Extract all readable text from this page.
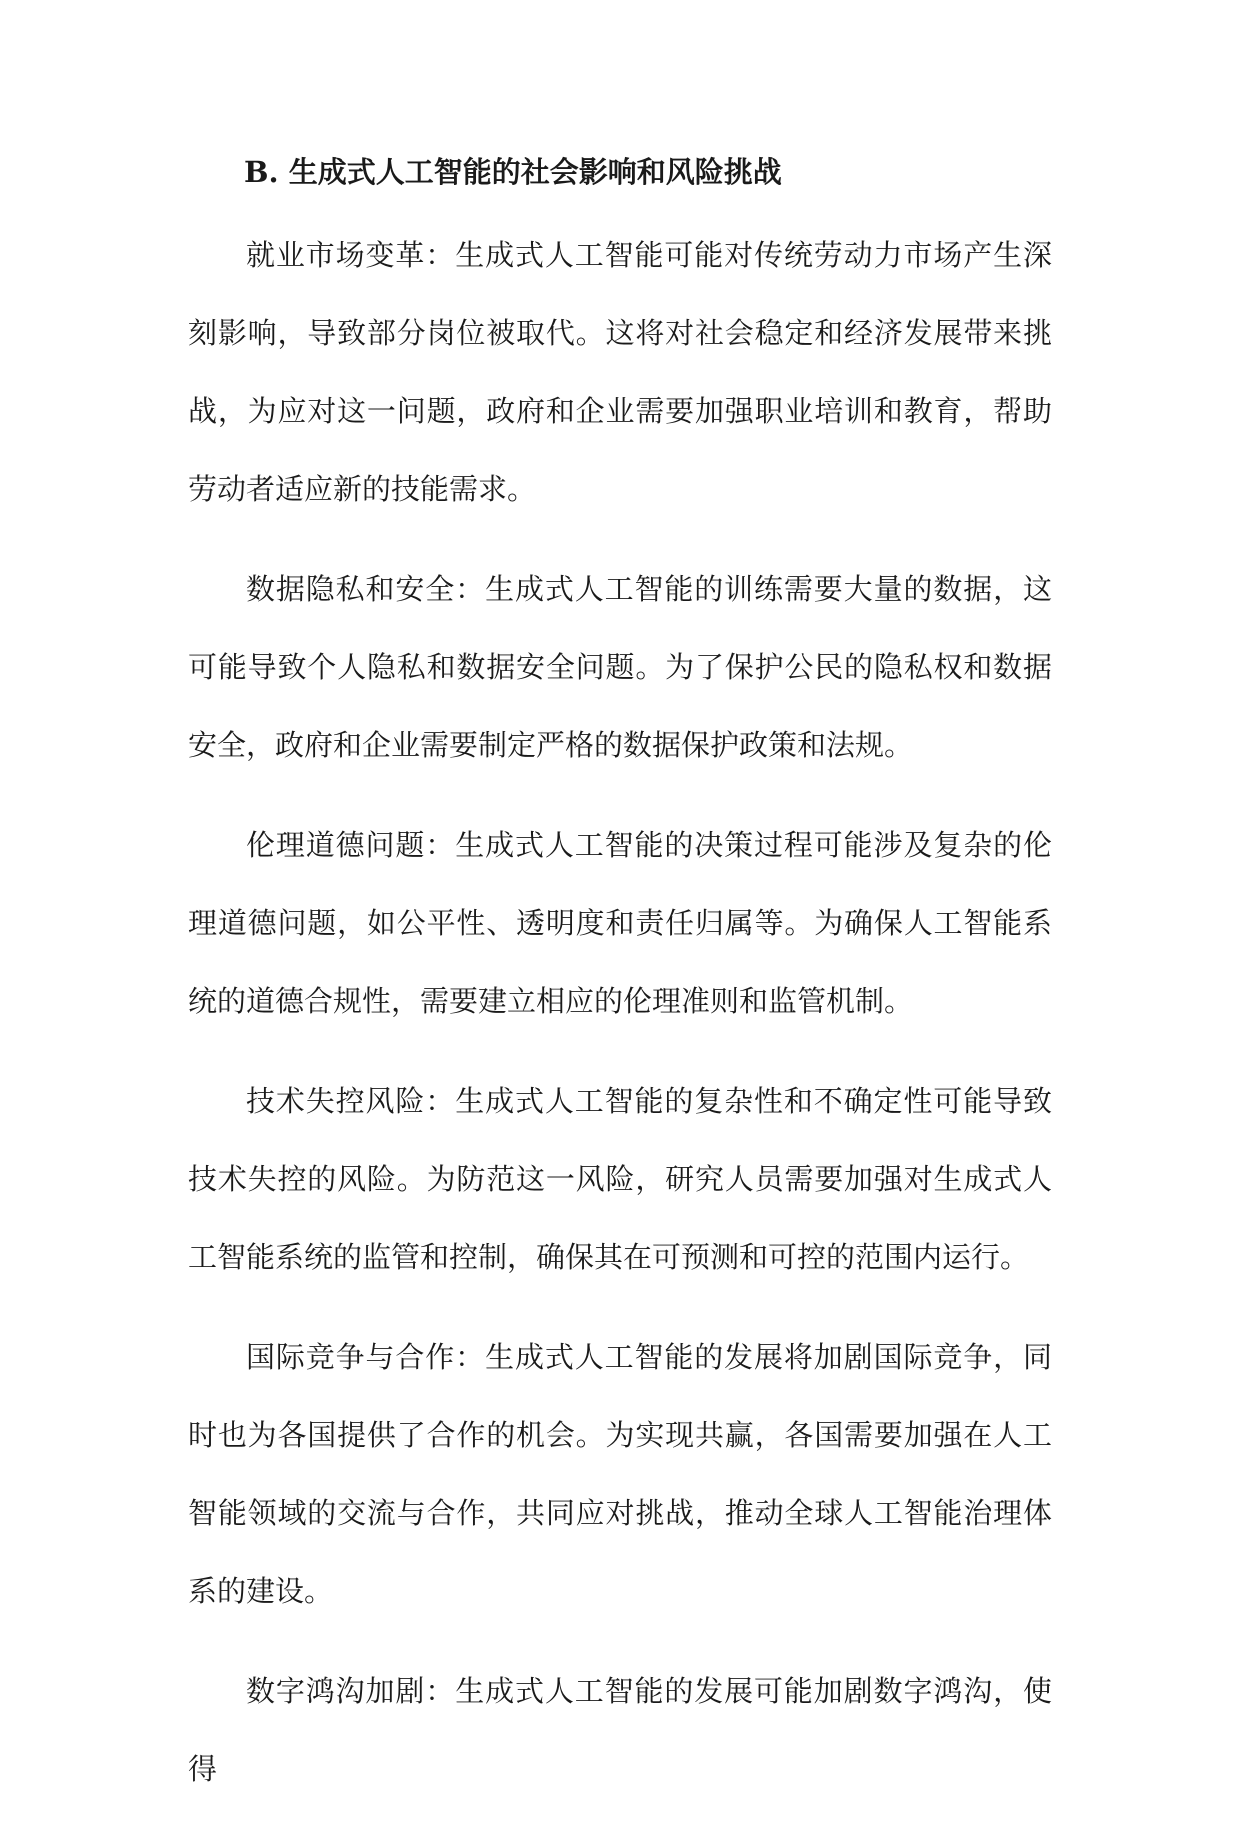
B. 生成式人工智能的社会影响和风险挑战

就业市场变革：生成式人工智能可能对传统劳动力市场产生深刻影响，导致部分岗位被取代。这将对社会稳定和经济发展带来挑战，为应对这一问题，政府和企业需要加强职业培训和教育，帮助劳动者适应新的技能需求。

数据隐私和安全：生成式人工智能的训练需要大量的数据，这可能导致个人隐私和数据安全问题。为了保护公民的隐私权和数据安全，政府和企业需要制定严格的数据保护政策和法规。

伦理道德问题：生成式人工智能的决策过程可能涉及复杂的伦理道德问题，如公平性、透明度和责任归属等。为确保人工智能系统的道德合规性，需要建立相应的伦理准则和监管机制。

技术失控风险：生成式人工智能的复杂性和不确定性可能导致技术失控的风险。为防范这一风险，研究人员需要加强对生成式人工智能系统的监管和控制，确保其在可预测和可控的范围内运行。

国际竞争与合作：生成式人工智能的发展将加剧国际竞争，同时也为各国提供了合作的机会。为实现共赢，各国需要加强在人工智能领域的交流与合作，共同应对挑战，推动全球人工智能治理体系的建设。

数字鸿沟加剧：生成式人工智能的发展可能加剧数字鸿沟，使得
